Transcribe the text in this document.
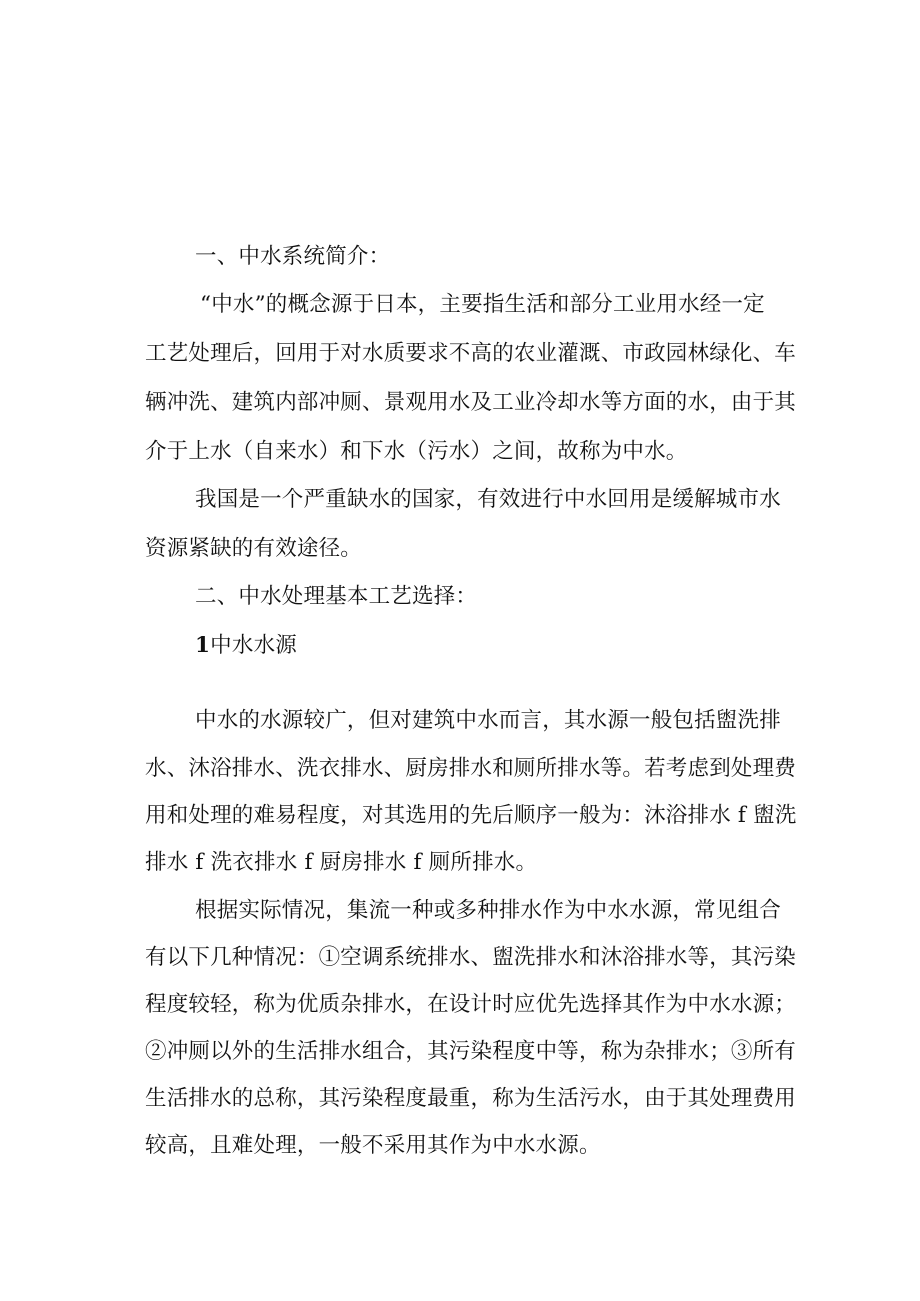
一、中水系统简介：
“中水”的概念源于日本，主要指生活和部分工业用水经一定
工艺处理后，回用于对水质要求不高的农业灌溉、市政园林绿化、车
辆冲洗、建筑内部冲厕、景观用水及工业冷却水等方面的水，由于其
介于上水（自来水）和下水（污水）之间，故称为中水。
我国是一个严重缺水的国家，有效进行中水回用是缓解城市水
资源紧缺的有效途径。
二、中水处理基本工艺选择：
1中水水源
中水的水源较广，但对建筑中水而言，其水源一般包括盥洗排
水、沐浴排水、洗衣排水、厨房排水和厕所排水等。若考虑到处理费
用和处理的难易程度，对其选用的先后顺序一般为：沐浴排水 f 盥洗
排水 f 洗衣排水 f 厨房排水 f 厕所排水。
根据实际情况，集流一种或多种排水作为中水水源，常见组合
有以下几种情况：①空调系统排水、盥洗排水和沐浴排水等，其污染
程度较轻，称为优质杂排水，在设计时应优先选择其作为中水水源；
②冲厕以外的生活排水组合，其污染程度中等，称为杂排水；③所有
生活排水的总称，其污染程度最重，称为生活污水，由于其处理费用
较高，且难处理，一般不采用其作为中水水源。
